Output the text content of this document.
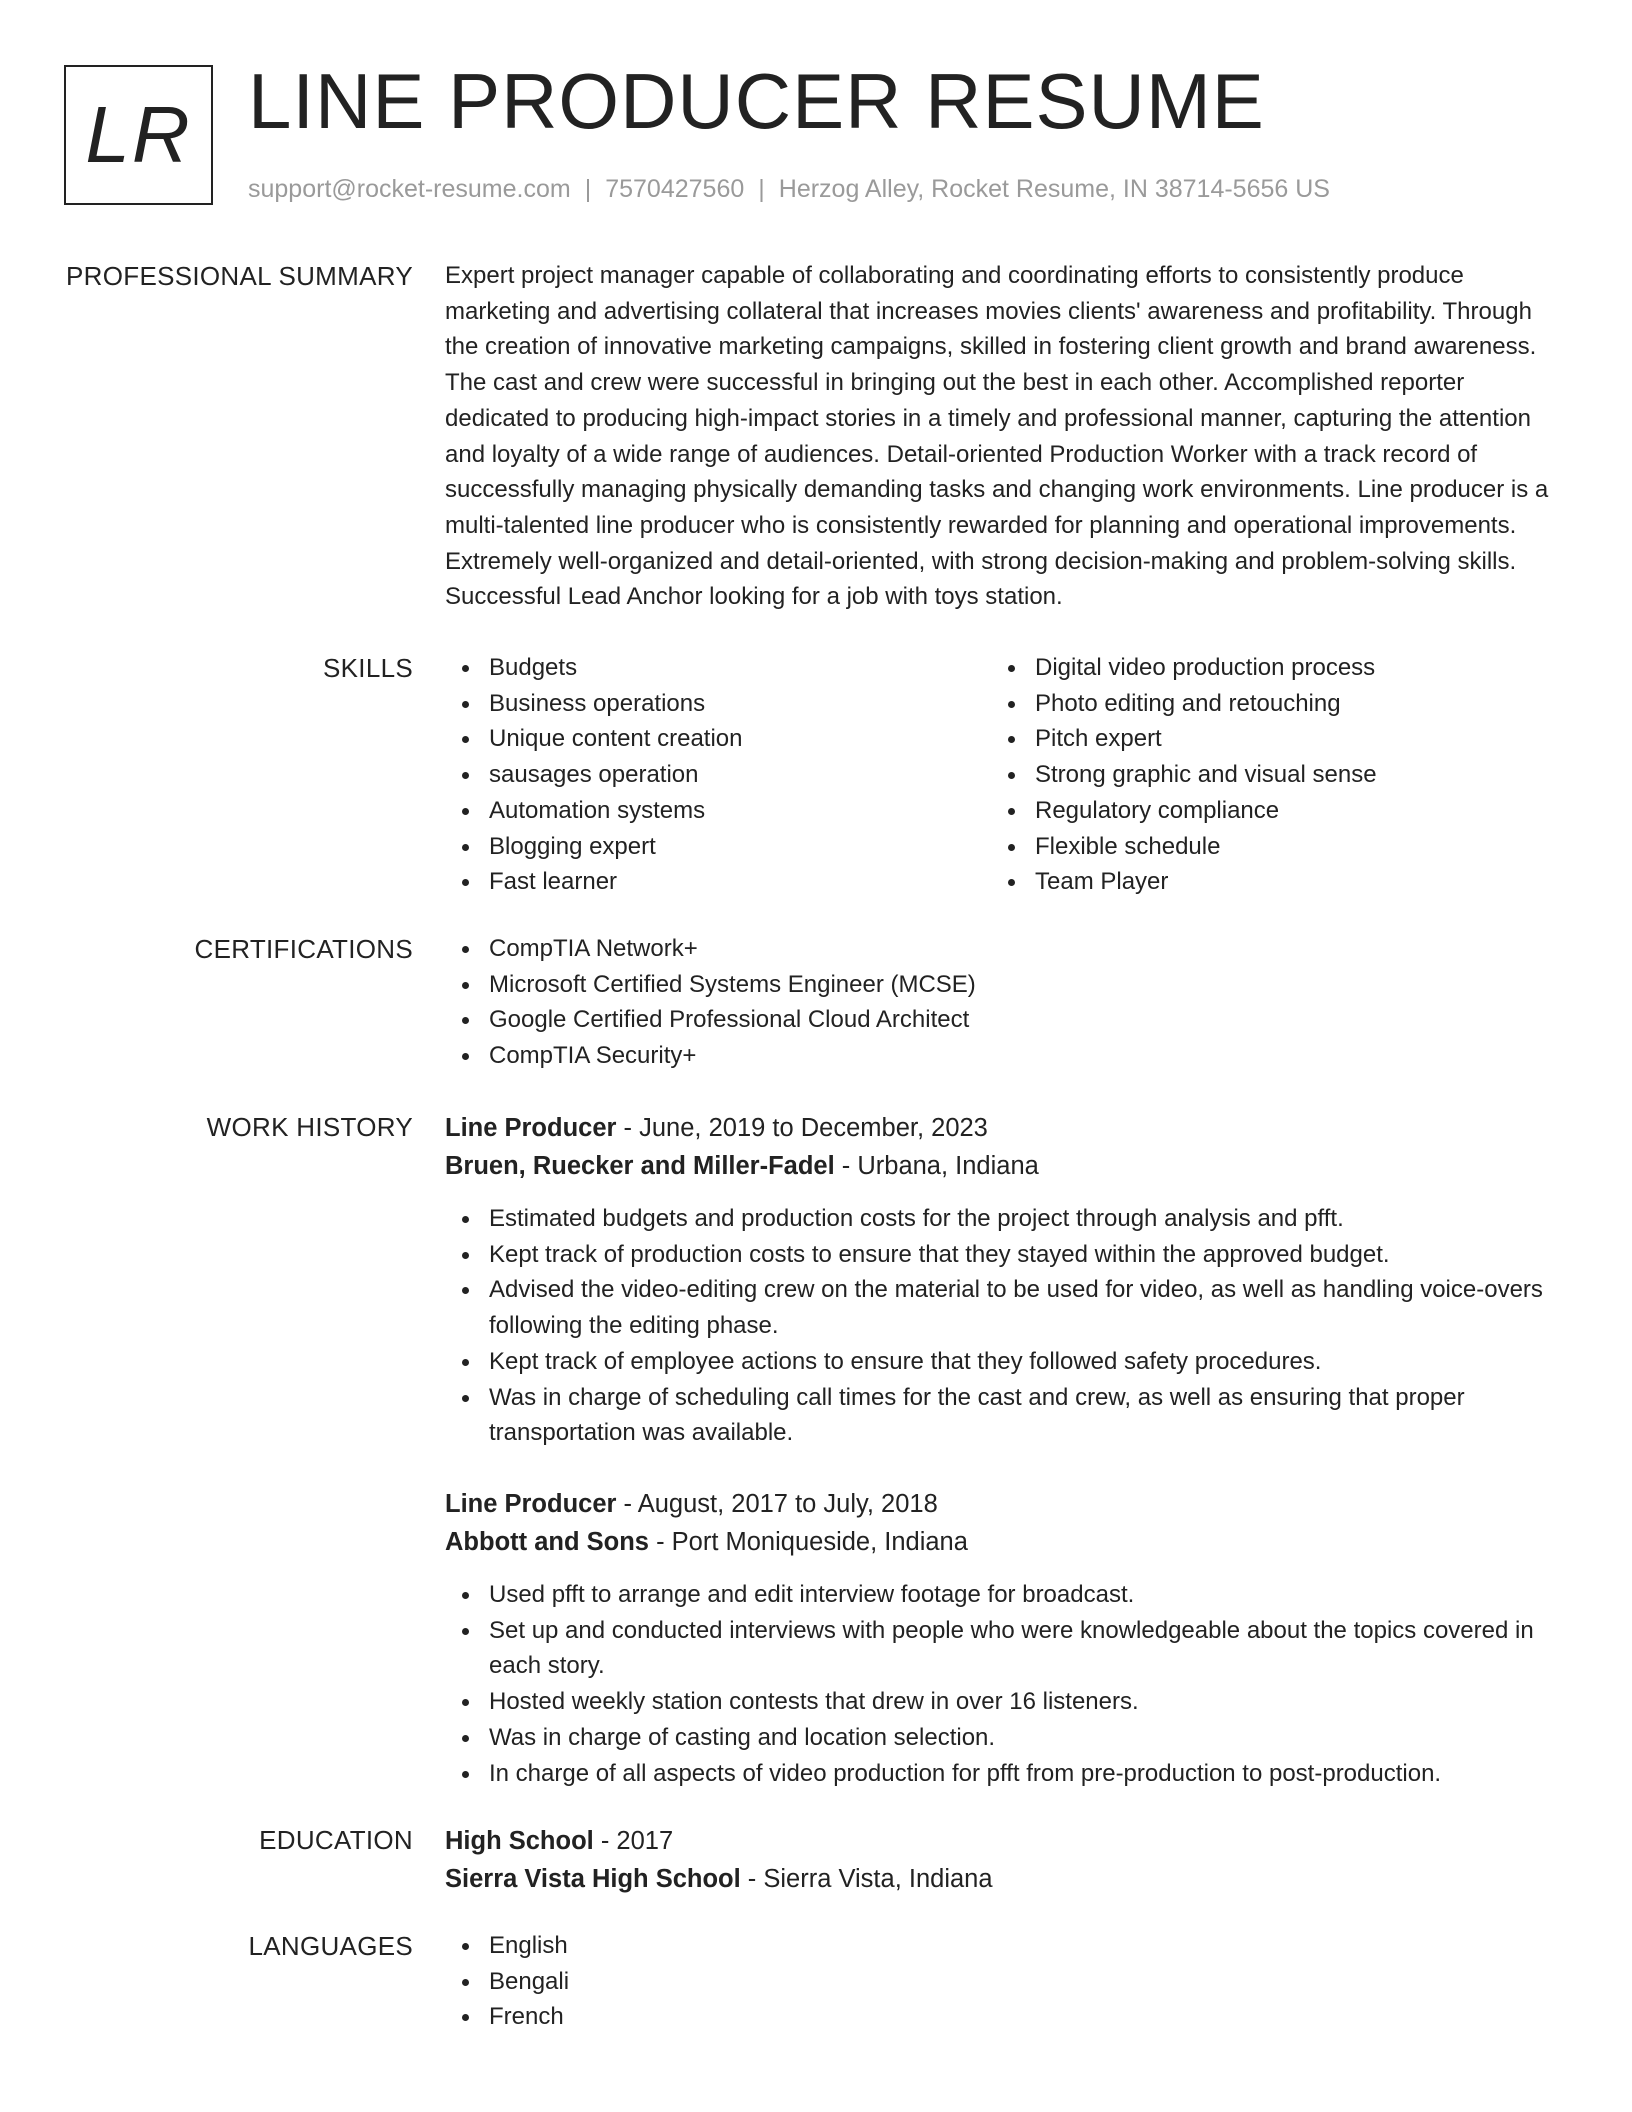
LR LINE PRODUCER RESUME
support@rocket-resume.com | 7570427560 | Herzog Alley, Rocket Resume, IN 38714-5656 US
PROFESSIONAL SUMMARY Expert project manager capable of collaborating and coordinating efforts to consistently produce marketing and advertising collateral that increases movies clients' awareness and profitability. Through the creation of innovative marketing campaigns, skilled in fostering client growth and brand awareness. The cast and crew were successful in bringing out the best in each other. Accomplished reporter dedicated to producing high-impact stories in a timely and professional manner, capturing the attention and loyalty of a wide range of audiences. Detail-oriented Production Worker with a track record of successfully managing physically demanding tasks and changing work environments. Line producer is a multi-talented line producer who is consistently rewarded for planning and operational improvements. Extremely well-organized and detail-oriented, with strong decision-making and problem-solving skills. Successful Lead Anchor looking for a job with toys station.
SKILLS	Budgets
Business operations
Unique content creation
sausages operation
Automation systems
Blogging expert
Fast learner
Digital video production process
Photo editing and retouching
Pitch expert
Strong graphic and visual sense
Regulatory compliance
Flexible schedule
Team Player
CERTIFICATIONS	CompTIA Network+
Microsoft Certified Systems Engineer (MCSE)
Google Certified Professional Cloud Architect
CompTIA Security+
WORK HISTORY Line Producer - June, 2019 to December, 2023
Bruen, Ruecker and Miller-Fadel - Urbana, Indiana
Estimated budgets and production costs for the project through analysis and pfft.
Kept track of production costs to ensure that they stayed within the approved budget.
Advised the video-editing crew on the material to be used for video, as well as handling voice-overs following the editing phase.
Kept track of employee actions to ensure that they followed safety procedures.
Was in charge of scheduling call times for the cast and crew, as well as ensuring that proper transportation was available.
Line Producer - August, 2017 to July, 2018
Abbott and Sons - Port Moniqueside, Indiana
Used pfft to arrange and edit interview footage for broadcast.
Set up and conducted interviews with people who were knowledgeable about the topics covered in each story.
Hosted weekly station contests that drew in over 16 listeners.
Was in charge of casting and location selection.
In charge of all aspects of video production for pfft from pre-production to post-production.
EDUCATION High School - 2017
Sierra Vista High School - Sierra Vista, Indiana
LANGUAGES	English
Bengali
French
